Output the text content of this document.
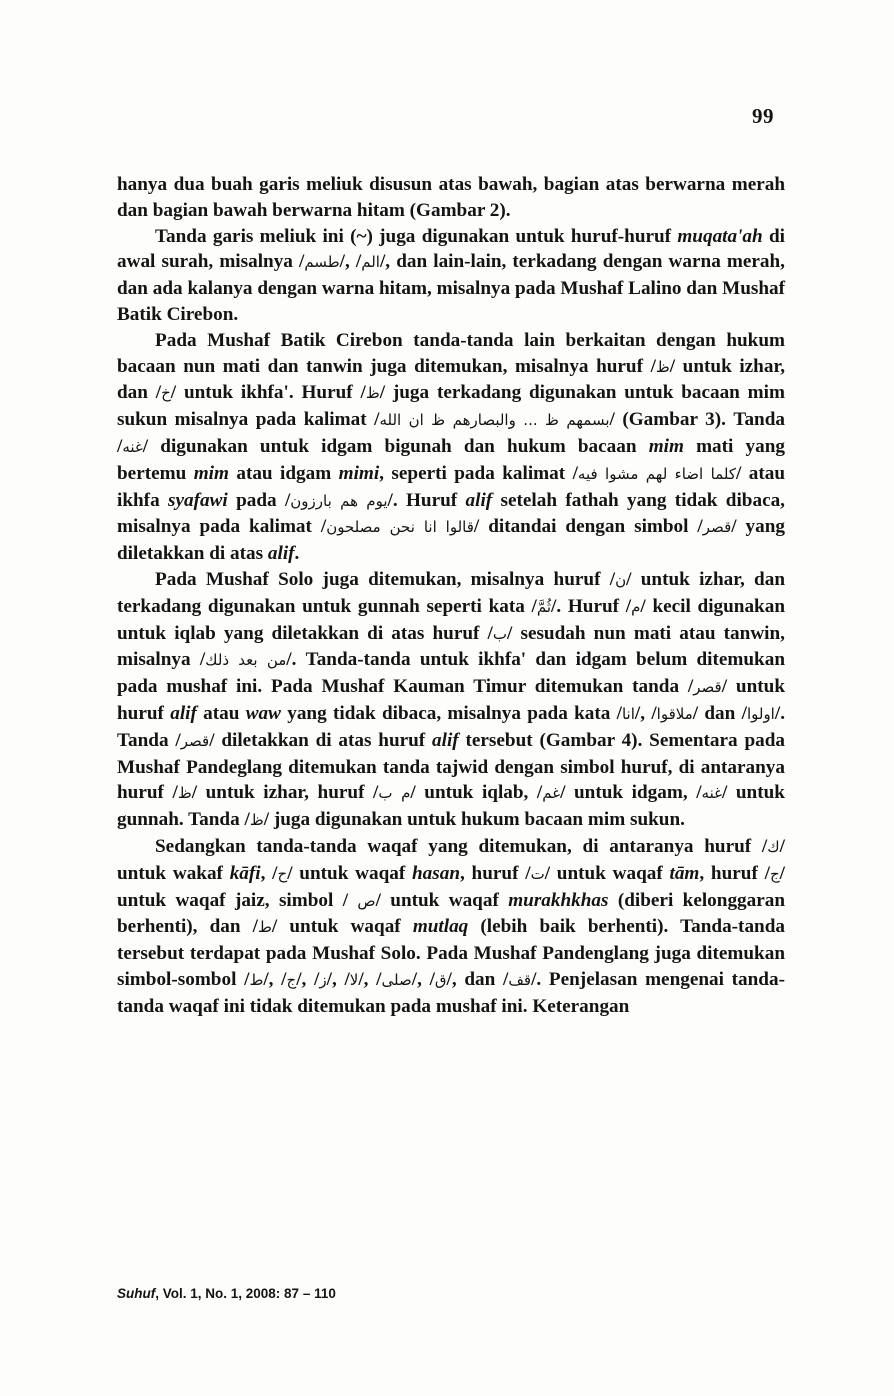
99

hanya dua buah garis meliuk disusun atas bawah, bagian atas berwarna merah dan bagian bawah berwarna hitam (Gambar 2).

Tanda garis meliuk ini (~) juga digunakan untuk huruf-huruf muqata'ah di awal surah, misalnya /طسم/, /الم/, dan lain-lain, terkadang dengan warna merah, dan ada kalanya dengan warna hitam, misalnya pada Mushaf Lalino dan Mushaf Batik Cirebon.

Pada Mushaf Batik Cirebon tanda-tanda lain berkaitan dengan hukum bacaan nun mati dan tanwin juga ditemukan, misalnya huruf /ظ/ untuk izhar, dan /خ/ untuk ikhfa'. Huruf /ظ/ juga terkadang digunakan untuk bacaan mim sukun misalnya pada kalimat /بسمهم ظ ... والبصارهم ظ ان الله/ (Gambar 3). Tanda /غنه/ digunakan untuk idgam bigunah dan hukum bacaan mim mati yang bertemu mim atau idgam mimi, seperti pada kalimat /كلما اضاء لهم مشوا فيه/ atau ikhfa syafawi pada /يوم هم بارزون/. Huruf alif setelah fathah yang tidak dibaca, misalnya pada kalimat /قالوا انا نحن مصلحون/ ditandai dengan simbol /قصر/ yang diletakkan di atas alif.

Pada Mushaf Solo juga ditemukan, misalnya huruf /ن/ untuk izhar, dan terkadang digunakan untuk gunnah seperti kata /ثُمَّ/. Huruf /م/ kecil digunakan untuk iqlab yang diletakkan di atas huruf /ب/ sesudah nun mati atau tanwin, misalnya /من بعد ذلك/. Tanda-tanda untuk ikhfa' dan idgam belum ditemukan pada mushaf ini. Pada Mushaf Kauman Timur ditemukan tanda /قصر/ untuk huruf alif atau waw yang tidak dibaca, misalnya pada kata /انا/, /ملاقوا/ dan /اولوا/. Tanda /قصر/ diletakkan di atas huruf alif tersebut (Gambar 4). Sementara pada Mushaf Pandeglang ditemukan tanda tajwid dengan simbol huruf, di antaranya huruf /ظ/ untuk izhar, huruf /م ب/ untuk iqlab, /غم/ untuk idgam, /غنه/ untuk gunnah. Tanda /ظ/ juga digunakan untuk hukum bacaan mim sukun.

Sedangkan tanda-tanda waqaf yang ditemukan, di antaranya huruf /ك/ untuk wakaf kāfi, /ح/ untuk waqaf hasan, huruf /ت/ untuk waqaf tām, huruf /ج/ untuk waqaf jaiz, simbol / ص/ untuk waqaf murakhkhas (diberi kelonggaran berhenti), dan /ط/ untuk waqaf mutlaq (lebih baik berhenti). Tanda-tanda tersebut terdapat pada Mushaf Solo. Pada Mushaf Pandenglang juga ditemukan simbol-sombol /ط/, /ج/, /ز/, /لا/, /صلى/, /ق/, dan /قف/. Penjelasan mengenai tanda-tanda waqaf ini tidak ditemukan pada mushaf ini. Keterangan

Suhuf, Vol. 1, No. 1, 2008: 87 – 110
